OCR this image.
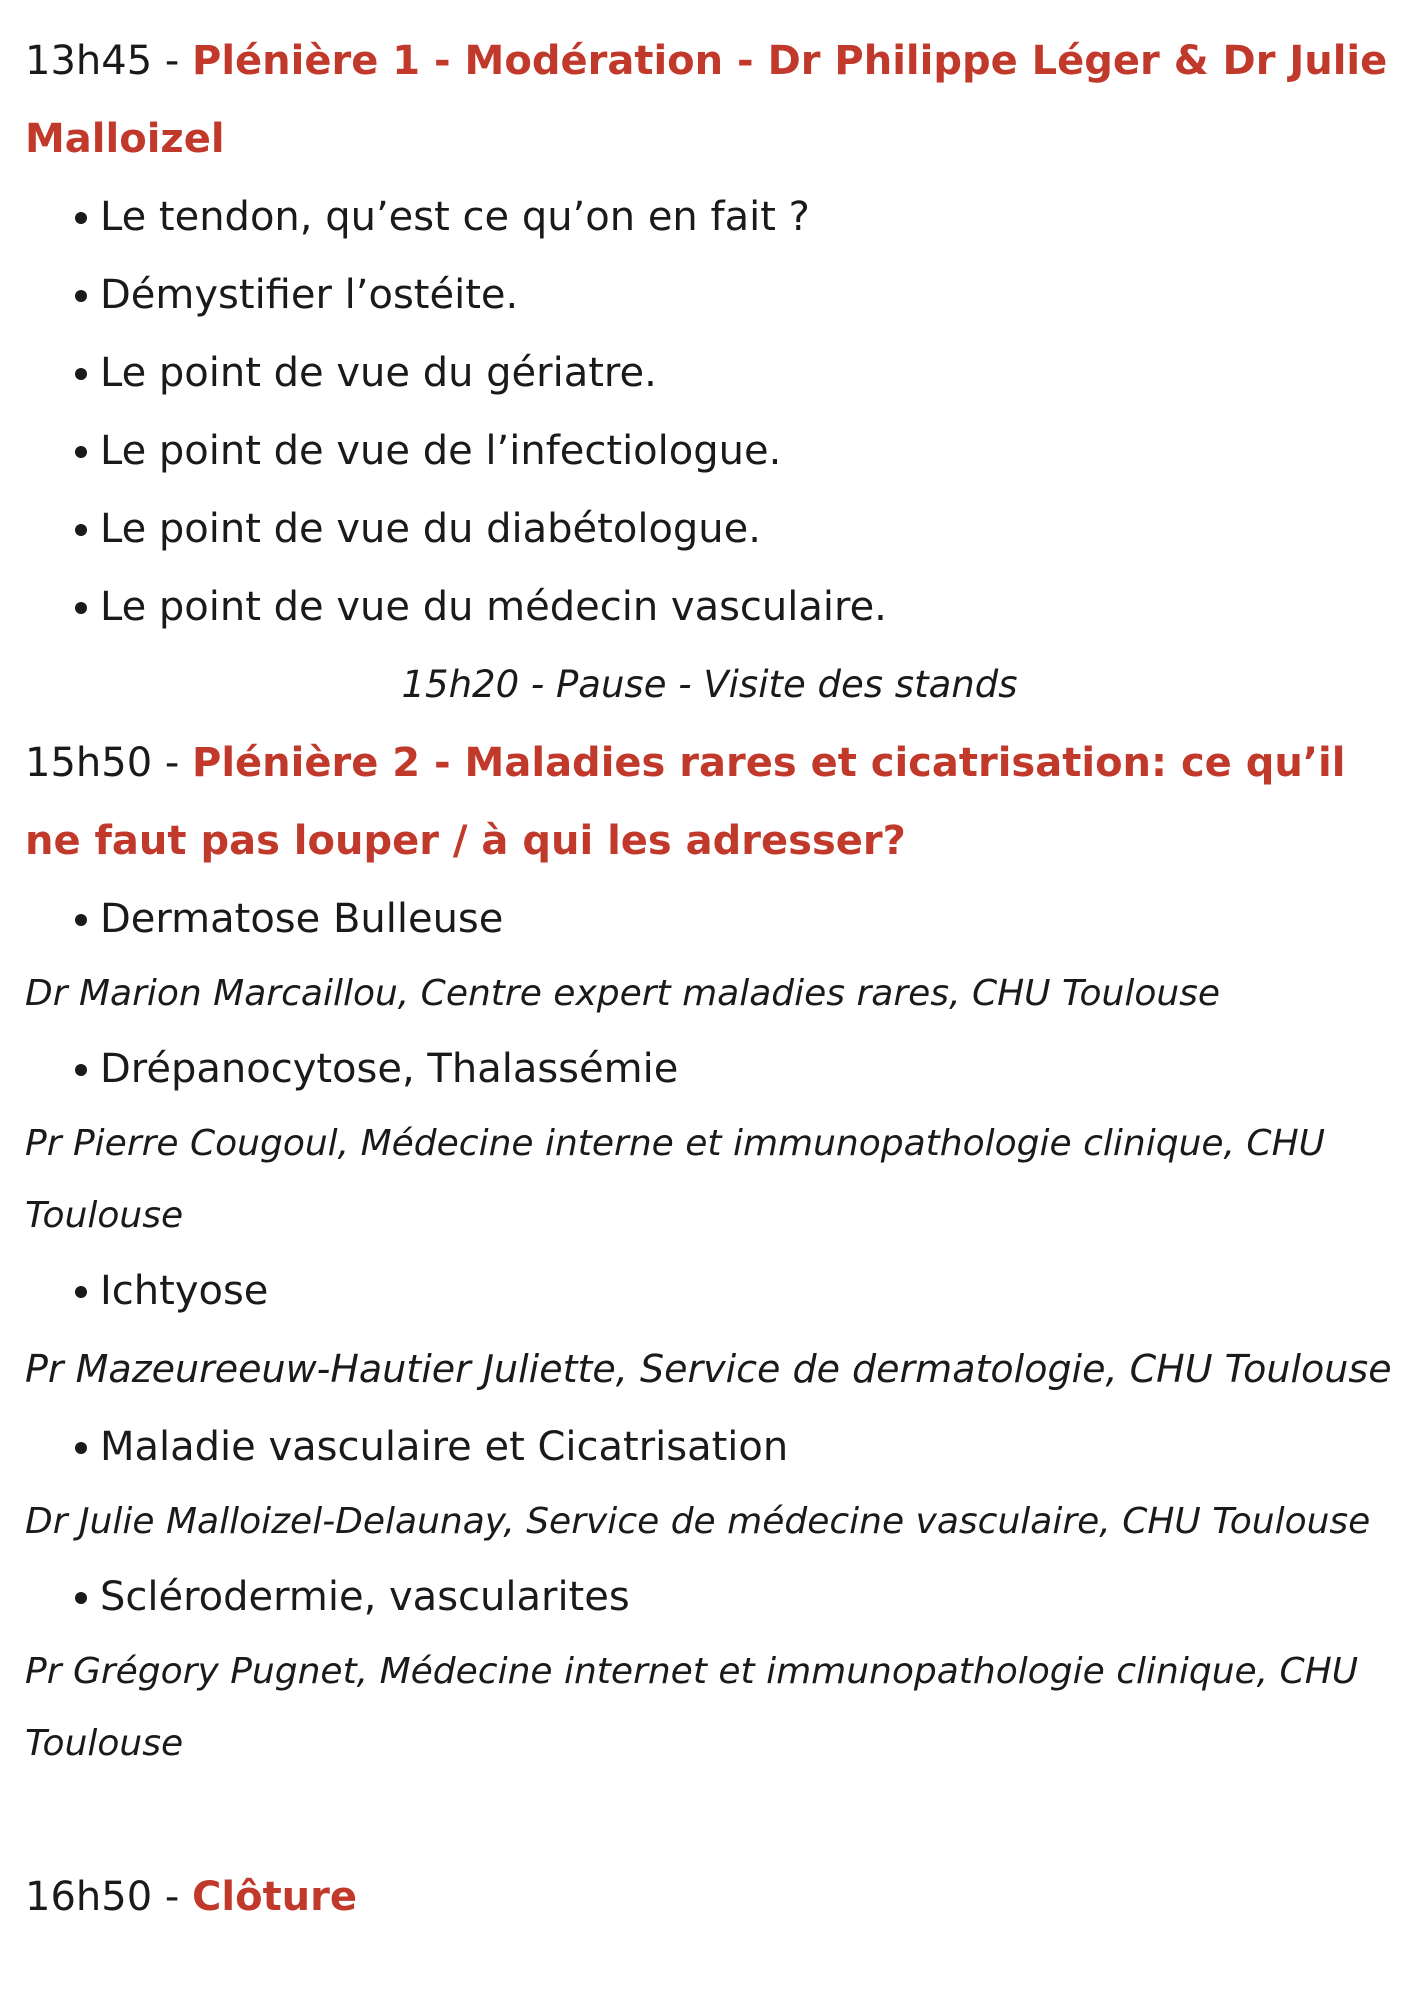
13h45 - Plénière 1 - Modération - Dr Philippe Léger & Dr Julie Malloizel

Le tendon, qu’est ce qu’on en fait ?
Démystifier l’ostéite.
Le point de vue du gériatre.
Le point de vue de l’infectiologue.
Le point de vue du diabétologue.
Le point de vue du médecin vasculaire.

15h20 - Pause - Visite des stands

15h50 - Plénière 2 - Maladies rares et cicatrisation: ce qu’il ne faut pas louper / à qui les adresser?

Dermatose Bulleuse

Dr Marion Marcaillou, Centre expert maladies rares, CHU Toulouse

Drépanocytose, Thalassémie

Pr Pierre Cougoul, Médecine interne et immunopathologie clinique, CHU Toulouse

Ichtyose

Pr Mazeureeuw-Hautier Juliette, Service de dermatologie, CHU Toulouse

Maladie vasculaire et Cicatrisation

Dr Julie Malloizel-Delaunay, Service de médecine vasculaire, CHU Toulouse

Sclérodermie, vascularites

Pr Grégory Pugnet, Médecine internet et immunopathologie clinique, CHU Toulouse

16h50 - Clôture
